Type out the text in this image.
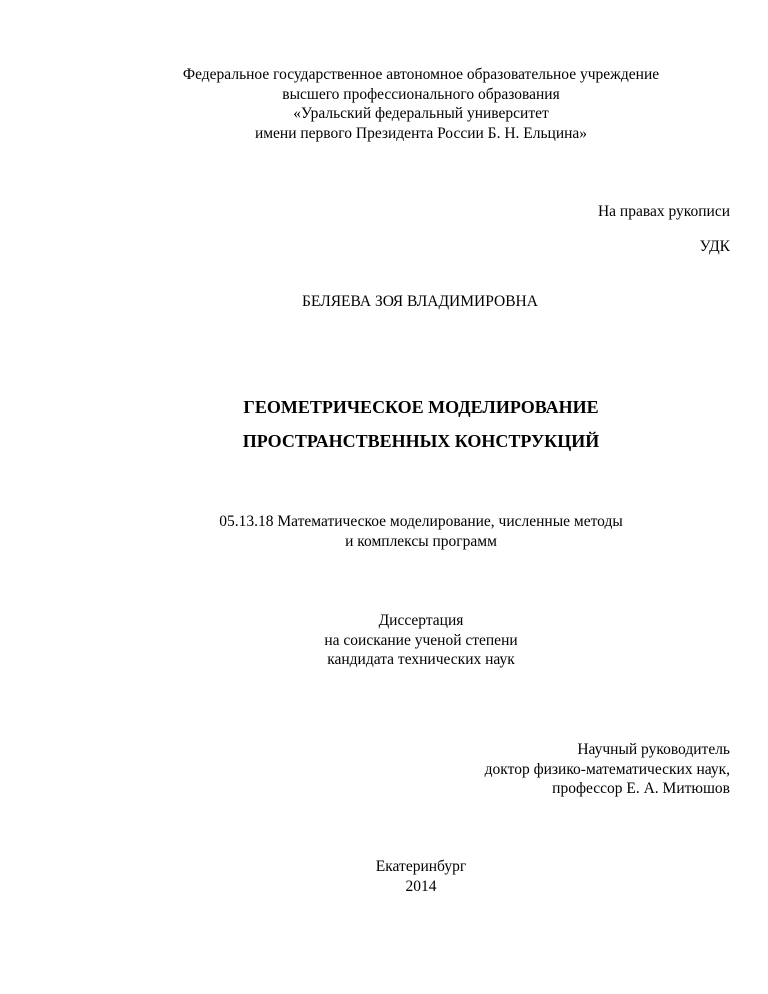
Федеральное государственное автономное образовательное учреждение
высшего профессионального образования
«Уральский федеральный университет
имени первого Президента России Б. Н. Ельцина»
На правах рукописи
УДК
БЕЛЯЕВА ЗОЯ ВЛАДИМИРОВНА
ГЕОМЕТРИЧЕСКОЕ МОДЕЛИРОВАНИЕ
ПРОСТРАНСТВЕННЫХ КОНСТРУКЦИЙ
05.13.18 Математическое моделирование, численные методы
и комплексы программ
Диссертация
на соискание ученой степени
кандидата технических наук
Научный руководитель
доктор физико-математических наук,
профессор Е. А. Митюшов
Екатеринбург
2014
